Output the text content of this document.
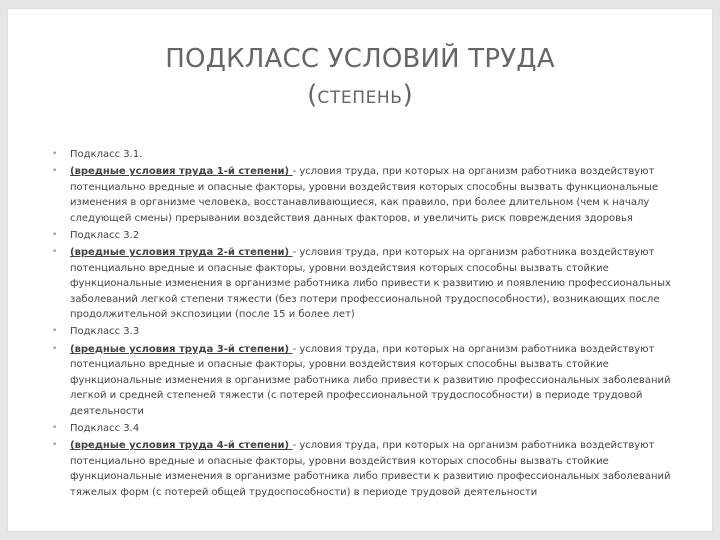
ПОДКЛАСС УСЛОВИЙ ТРУДА
(СТЕПЕНЬ)
• Подкласс 3.1.
• (вредные условия труда 1-й степени) - условия труда, при которых на организм работника воздействуют потенциально вредные и опасные факторы, уровни воздействия которых способны вызвать функциональные изменения в организме человека, восстанавливающиеся, как правило, при более длительном (чем к началу следующей смены) прерывании воздействия данных факторов, и увеличить риск повреждения здоровья
• Подкласс 3.2
• (вредные условия труда 2-й степени) - условия труда, при которых на организм работника воздействуют потенциально вредные и опасные факторы, уровни воздействия которых способны вызвать стойкие функциональные изменения в организме работника либо привести к развитию и появлению профессиональных заболеваний легкой степени тяжести (без потери профессиональной трудоспособности), возникающих после продолжительной экспозиции (после 15 и более лет)
• Подкласс 3.3
• (вредные условия труда 3-й степени) - условия труда, при которых на организм работника воздействуют потенциально вредные и опасные факторы, уровни воздействия которых способны вызвать стойкие функциональные изменения в организме работника либо привести к развитию профессиональных заболеваний легкой и средней степеней тяжести (с потерей профессиональной трудоспособности) в периоде трудовой деятельности
• Подкласс 3.4
• (вредные условия труда 4-й степени) - условия труда, при которых на организм работника воздействуют потенциально вредные и опасные факторы, уровни воздействия которых способны вызвать стойкие функциональные изменения в организме работника либо привести к развитию профессиональных заболеваний тяжелых форм (с потерей общей трудоспособности) в периоде трудовой деятельности
